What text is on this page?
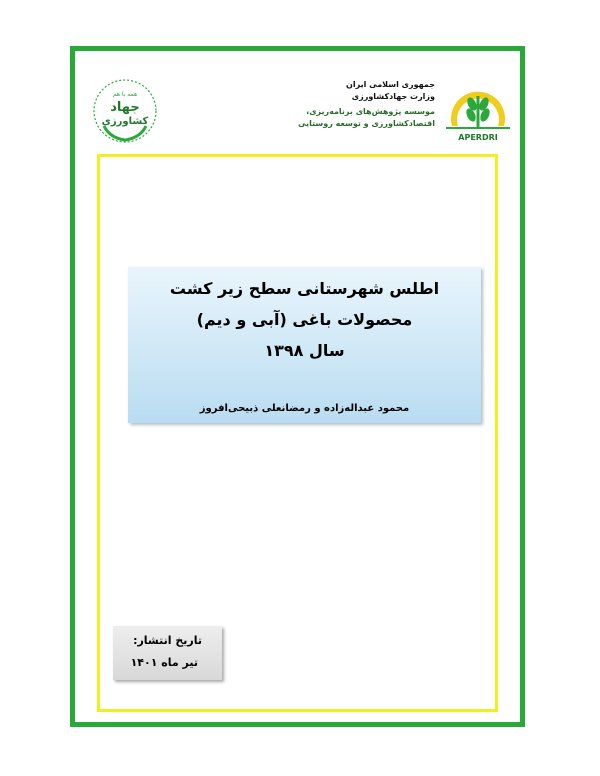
همه با هم
جهاد
کشاورزی
جمهوری اسلامی ایران
وزارت جهادکشاورزی
موسسه پژوهش‌های برنامه‌ریزی،
اقتصادکشاورزی و توسعه روستایی
APERDRI
اطلس شهرستانی سطح زیر کشت
محصولات باغی (آبی و دیم)
سال ۱۳۹۸
محمود عبداله‌زاده و رمضانعلی ذبیحی‌افروز
تاریخ انتشار:
تیر ماه ۱۴۰۱
